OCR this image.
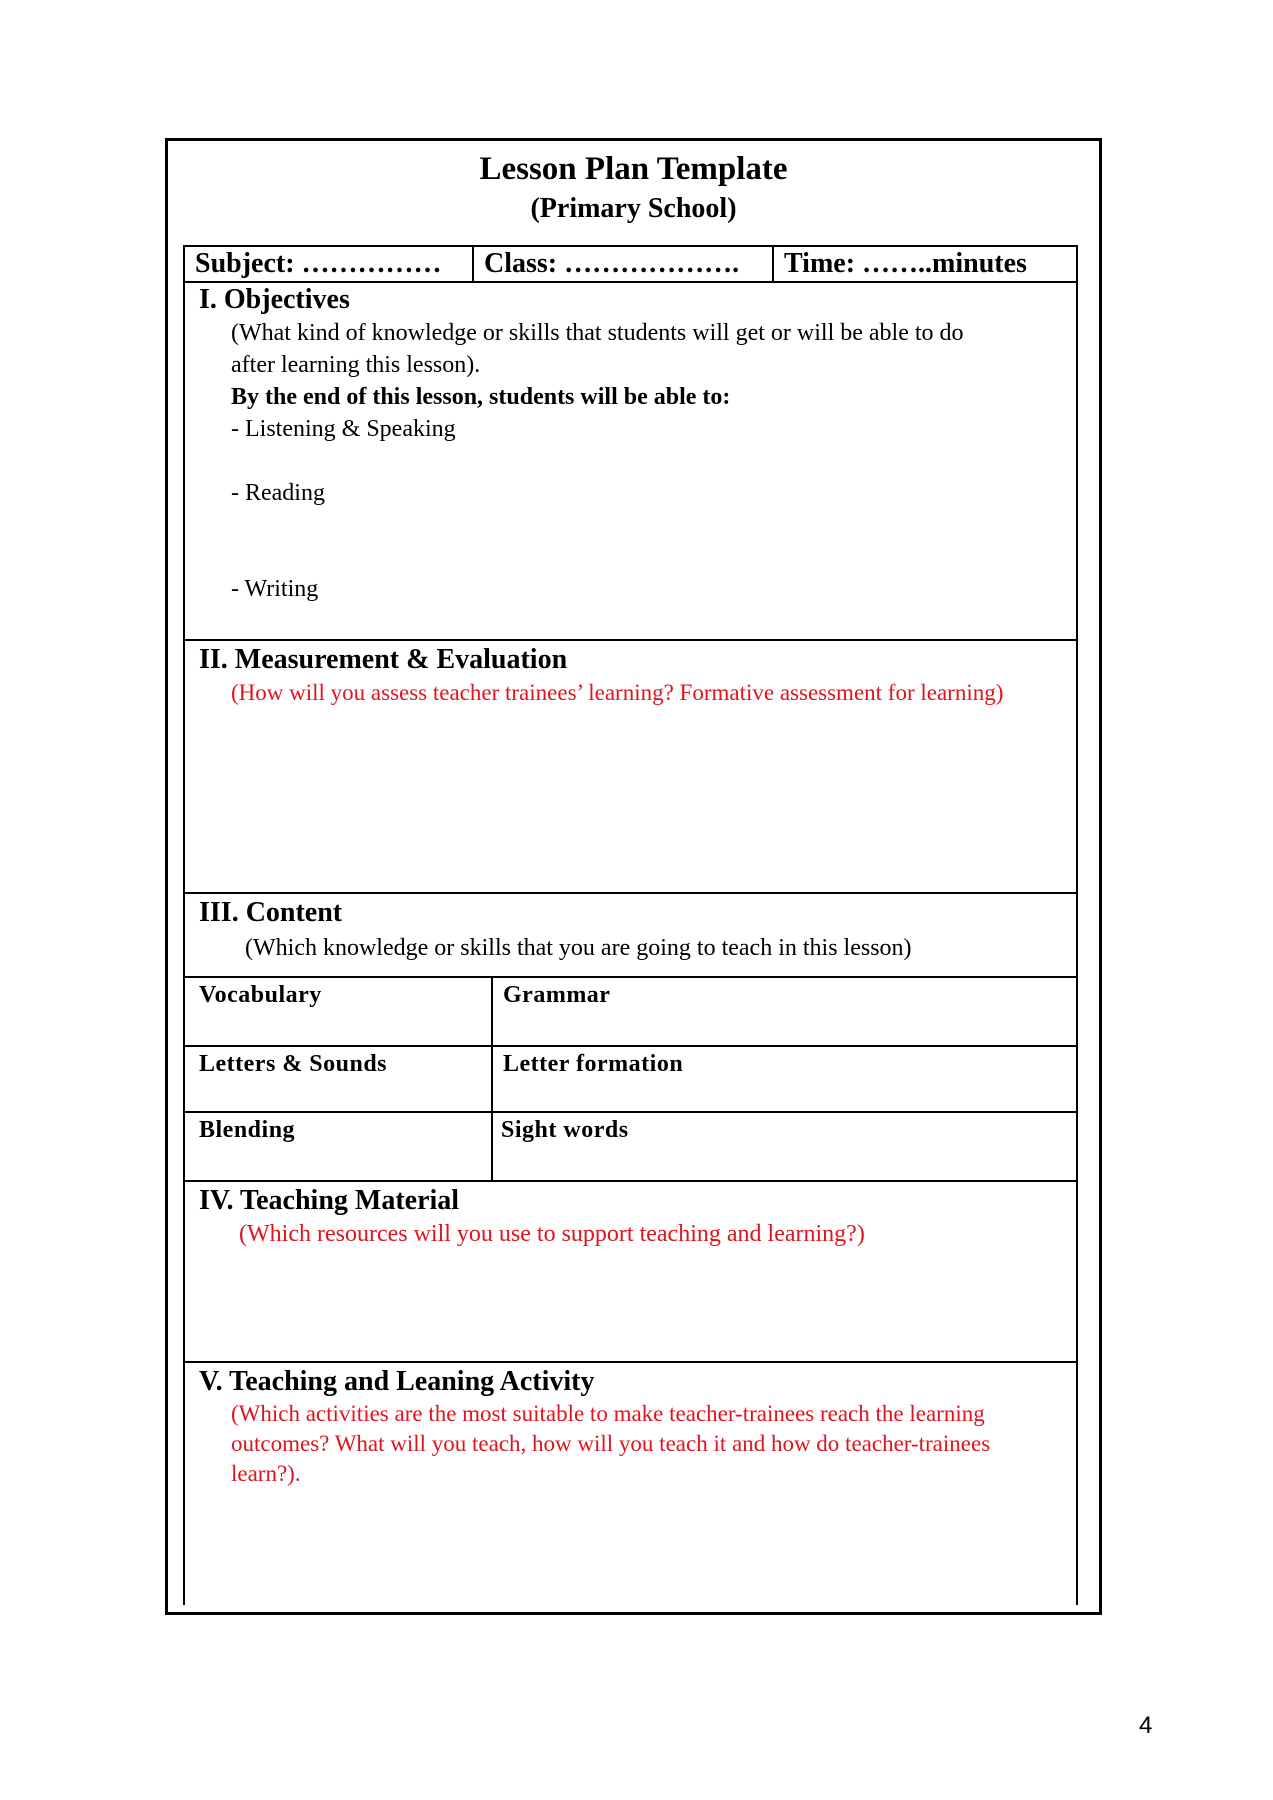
Lesson Plan Template
(Primary School)
Subject: ……………	Class: ……………….	Time: ……..minutes
I. Objectives
(What kind of knowledge or skills that students will get or will be able to do
after learning this lesson).
By the end of this lesson, students will be able to:
- Listening & Speaking
- Reading
- Writing
II. Measurement & Evaluation
(How will you assess teacher trainees’ learning? Formative assessment for learning)
III. Content
(Which knowledge or skills that you are going to teach in this lesson)
Vocabulary	Grammar
Letters & Sounds	Letter formation
Blending	Sight words
IV. Teaching Material
(Which resources will you use to support teaching and learning?)
V. Teaching and Leaning Activity
(Which activities are the most suitable to make teacher-trainees reach the learning
outcomes? What will you teach, how will you teach it and how do teacher-trainees
learn?).
4
